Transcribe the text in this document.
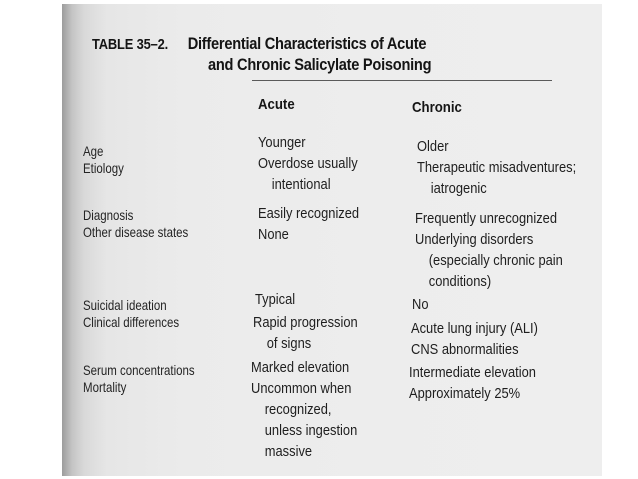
TABLE 35–2. Differential Characteristics of Acute
and Chronic Salicylate Poisoning
Acute	Chronic
Age
Etiology
Diagnosis
Other disease states
Suicidal ideation
Clinical differences
Serum concentrations
Mortality
Younger
Overdose usually
intentional
Easily recognized
None
Typical
Rapid progression
of signs
Marked elevation
Uncommon when
recognized,
unless ingestion
massive
Older
Therapeutic misadventures;
iatrogenic
Frequently unrecognized
Underlying disorders
(especially chronic pain
conditions)
No
Acute lung injury (ALI)
CNS abnormalities
Intermediate elevation
Approximately 25%
